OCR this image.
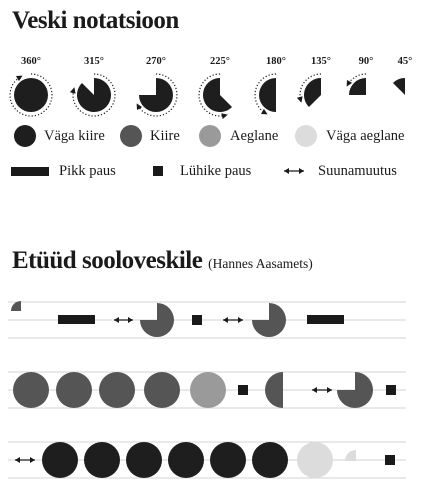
Veski notatsioon
360°	315°	270°	225°	180° 135°	90° 45°
Väga kiire	Kiire	Aeglane	Väga aeglane
Pikk paus	Lühike paus	Suunamuutus
Etüüd sooloveskile (Hannes Aasamets)
